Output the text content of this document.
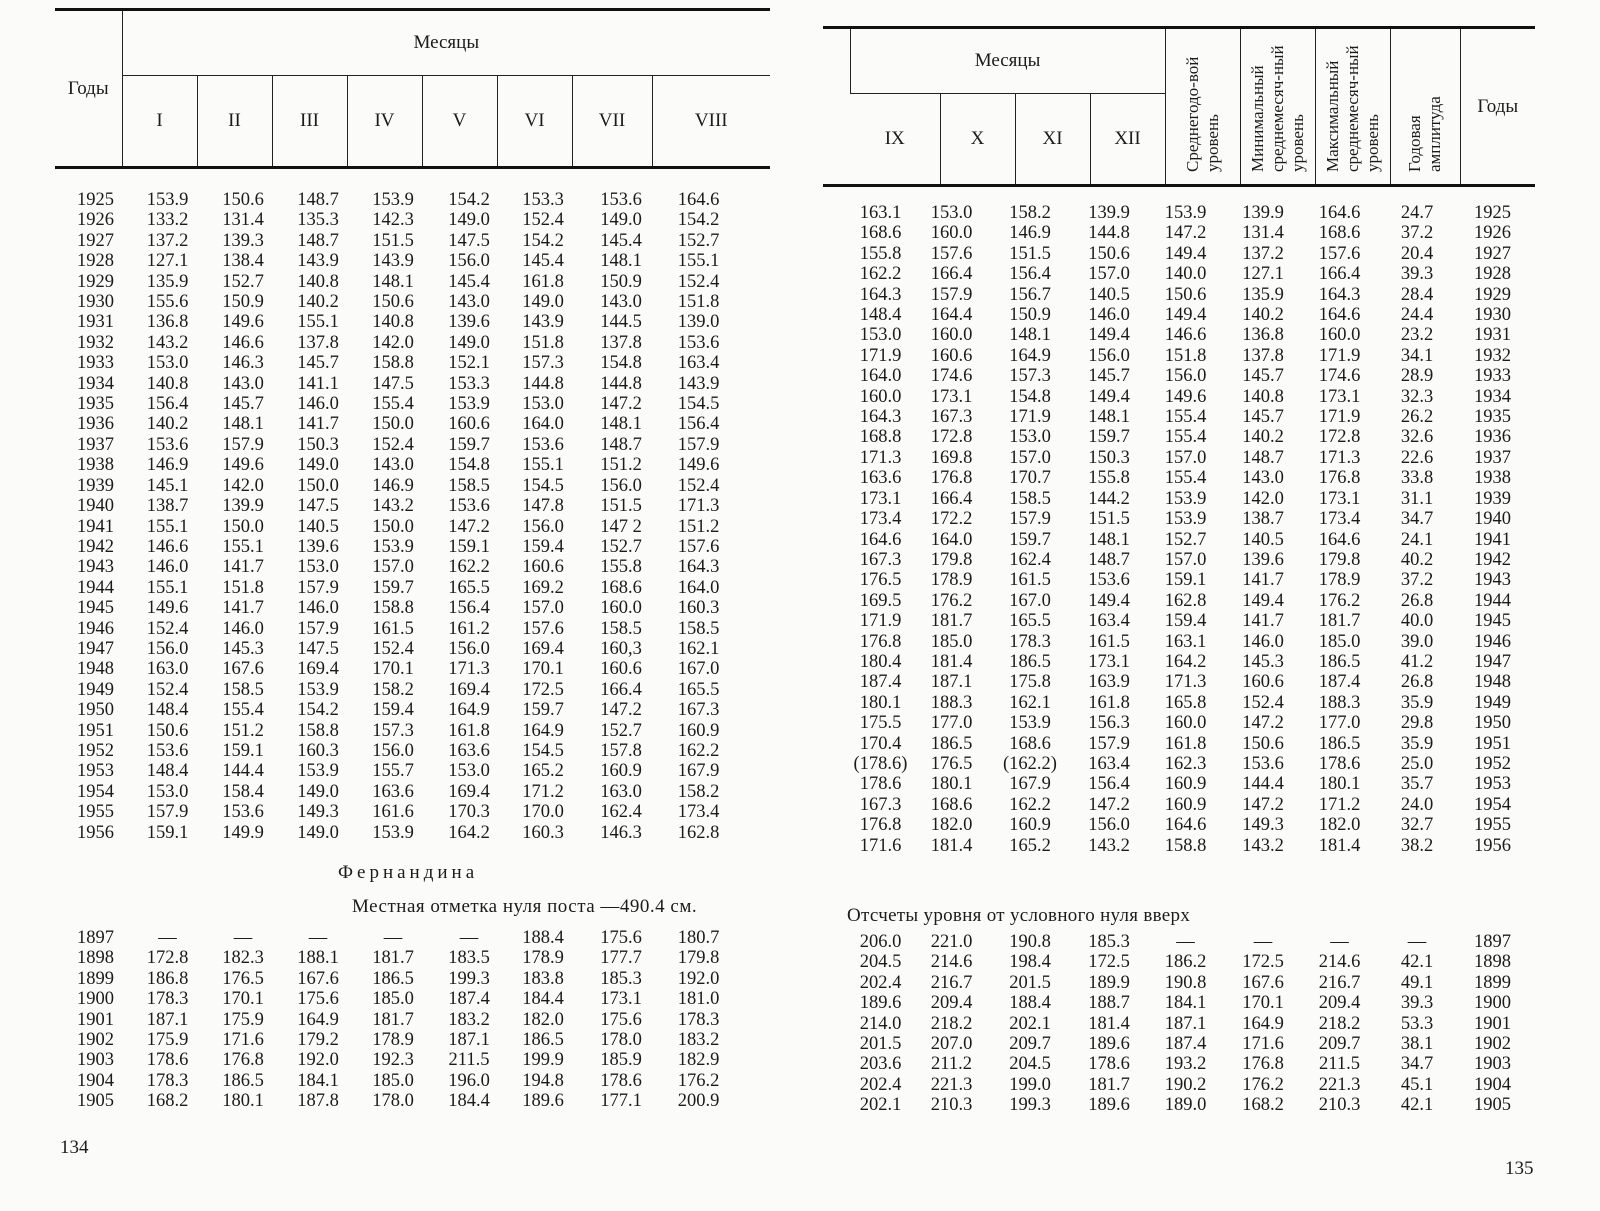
Годы	Месяцы							
	I	II	III	IV	V	VI	VII	VIII
1925	153.9	150.6	148.7	153.9	154.2	153.3	153.6	164.6
1926	133.2	131.4	135.3	142.3	149.0	152.4	149.0	154.2
1927	137.2	139.3	148.7	151.5	147.5	154.2	145.4	152.7
1928	127.1	138.4	143.9	143.9	156.0	145.4	148.1	155.1
1929	135.9	152.7	140.8	148.1	145.4	161.8	150.9	152.4
1930	155.6	150.9	140.2	150.6	143.0	149.0	143.0	151.8
1931	136.8	149.6	155.1	140.8	139.6	143.9	144.5	139.0
1932	143.2	146.6	137.8	142.0	149.0	151.8	137.8	153.6
1933	153.0	146.3	145.7	158.8	152.1	157.3	154.8	163.4
1934	140.8	143.0	141.1	147.5	153.3	144.8	144.8	143.9
1935	156.4	145.7	146.0	155.4	153.9	153.0	147.2	154.5
1936	140.2	148.1	141.7	150.0	160.6	164.0	148.1	156.4
1937	153.6	157.9	150.3	152.4	159.7	153.6	148.7	157.9
1938	146.9	149.6	149.0	143.0	154.8	155.1	151.2	149.6
1939	145.1	142.0	150.0	146.9	158.5	154.5	156.0	152.4
1940	138.7	139.9	147.5	143.2	153.6	147.8	151.5	171.3
1941	155.1	150.0	140.5	150.0	147.2	156.0	147 2	151.2
1942	146.6	155.1	139.6	153.9	159.1	159.4	152.7	157.6
1943	146.0	141.7	153.0	157.0	162.2	160.6	155.8	164.3
1944	155.1	151.8	157.9	159.7	165.5	169.2	168.6	164.0
1945	149.6	141.7	146.0	158.8	156.4	157.0	160.0	160.3
1946	152.4	146.0	157.9	161.5	161.2	157.6	158.5	158.5
1947	156.0	145.3	147.5	152.4	156.0	169.4	160,3	162.1
1948	163.0	167.6	169.4	170.1	171.3	170.1	160.6	167.0
1949	152.4	158.5	153.9	158.2	169.4	172.5	166.4	165.5
1950	148.4	155.4	154.2	159.4	164.9	159.7	147.2	167.3
1951	150.6	151.2	158.8	157.3	161.8	164.9	152.7	160.9
1952	153.6	159.1	160.3	156.0	163.6	154.5	157.8	162.2
1953	148.4	144.4	153.9	155.7	153.0	165.2	160.9	167.9
1954	153.0	158.4	149.0	163.6	169.4	171.2	163.0	158.2
1955	157.9	153.6	149.3	161.6	170.3	170.0	162.4	173.4
1956	159.1	149.9	149.0	153.9	164.2	160.3	146.3	162.8
Фернандина
Местная отметка нуля поста —490.4 см.
1897	—	—	—	—	—	188.4	175.6	180.7
1898	172.8	182.3	188.1	181.7	183.5	178.9	177.7	179.8
1899	186.8	176.5	167.6	186.5	199.3	183.8	185.3	192.0
1900	178.3	170.1	175.6	185.0	187.4	184.4	173.1	181.0
1901	187.1	175.9	164.9	181.7	183.2	182.0	175.6	178.3
1902	175.9	171.6	179.2	178.9	187.1	186.5	178.0	183.2
1903	178.6	176.8	192.0	192.3	211.5	199.9	185.9	182.9
1904	178.3	186.5	184.1	185.0	196.0	194.8	178.6	176.2
1905	168.2	180.1	187.8	178.0	184.4	189.6	177.1	200.9
134
	Месяцы				Среднегодо-вой уровень	Минимальный среднемесяч-ный уровень	Максимальный среднемесяч-ный уровень	Годовая амплитуда	Годы
	IX	X	XI	XII					
163.1	153.0	158.2	139.9	153.9	139.9	164.6	24.7	1925
168.6	160.0	146.9	144.8	147.2	131.4	168.6	37.2	1926
155.8	157.6	151.5	150.6	149.4	137.2	157.6	20.4	1927
162.2	166.4	156.4	157.0	140.0	127.1	166.4	39.3	1928
164.3	157.9	156.7	140.5	150.6	135.9	164.3	28.4	1929
148.4	164.4	150.9	146.0	149.4	140.2	164.6	24.4	1930
153.0	160.0	148.1	149.4	146.6	136.8	160.0	23.2	1931
171.9	160.6	164.9	156.0	151.8	137.8	171.9	34.1	1932
164.0	174.6	157.3	145.7	156.0	145.7	174.6	28.9	1933
160.0	173.1	154.8	149.4	149.6	140.8	173.1	32.3	1934
164.3	167.3	171.9	148.1	155.4	145.7	171.9	26.2	1935
168.8	172.8	153.0	159.7	155.4	140.2	172.8	32.6	1936
171.3	169.8	157.0	150.3	157.0	148.7	171.3	22.6	1937
163.6	176.8	170.7	155.8	155.4	143.0	176.8	33.8	1938
173.1	166.4	158.5	144.2	153.9	142.0	173.1	31.1	1939
173.4	172.2	157.9	151.5	153.9	138.7	173.4	34.7	1940
164.6	164.0	159.7	148.1	152.7	140.5	164.6	24.1	1941
167.3	179.8	162.4	148.7	157.0	139.6	179.8	40.2	1942
176.5	178.9	161.5	153.6	159.1	141.7	178.9	37.2	1943
169.5	176.2	167.0	149.4	162.8	149.4	176.2	26.8	1944
171.9	181.7	165.5	163.4	159.4	141.7	181.7	40.0	1945
176.8	185.0	178.3	161.5	163.1	146.0	185.0	39.0	1946
180.4	181.4	186.5	173.1	164.2	145.3	186.5	41.2	1947
187.4	187.1	175.8	163.9	171.3	160.6	187.4	26.8	1948
180.1	188.3	162.1	161.8	165.8	152.4	188.3	35.9	1949
175.5	177.0	153.9	156.3	160.0	147.2	177.0	29.8	1950
170.4	186.5	168.6	157.9	161.8	150.6	186.5	35.9	1951
(178.6)	176.5	(162.2)	163.4	162.3	153.6	178.6	25.0	1952
178.6	180.1	167.9	156.4	160.9	144.4	180.1	35.7	1953
167.3	168.6	162.2	147.2	160.9	147.2	171.2	24.0	1954
176.8	182.0	160.9	156.0	164.6	149.3	182.0	32.7	1955
171.6	181.4	165.2	143.2	158.8	143.2	181.4	38.2	1956
Отсчеты уровня от условного нуля вверх
206.0	221.0	190.8	185.3	—	—	—	—	1897
204.5	214.6	198.4	172.5	186.2	172.5	214.6	42.1	1898
202.4	216.7	201.5	189.9	190.8	167.6	216.7	49.1	1899
189.6	209.4	188.4	188.7	184.1	170.1	209.4	39.3	1900
214.0	218.2	202.1	181.4	187.1	164.9	218.2	53.3	1901
201.5	207.0	209.7	189.6	187.4	171.6	209.7	38.1	1902
203.6	211.2	204.5	178.6	193.2	176.8	211.5	34.7	1903
202.4	221.3	199.0	181.7	190.2	176.2	221.3	45.1	1904
202.1	210.3	199.3	189.6	189.0	168.2	210.3	42.1	1905
135
